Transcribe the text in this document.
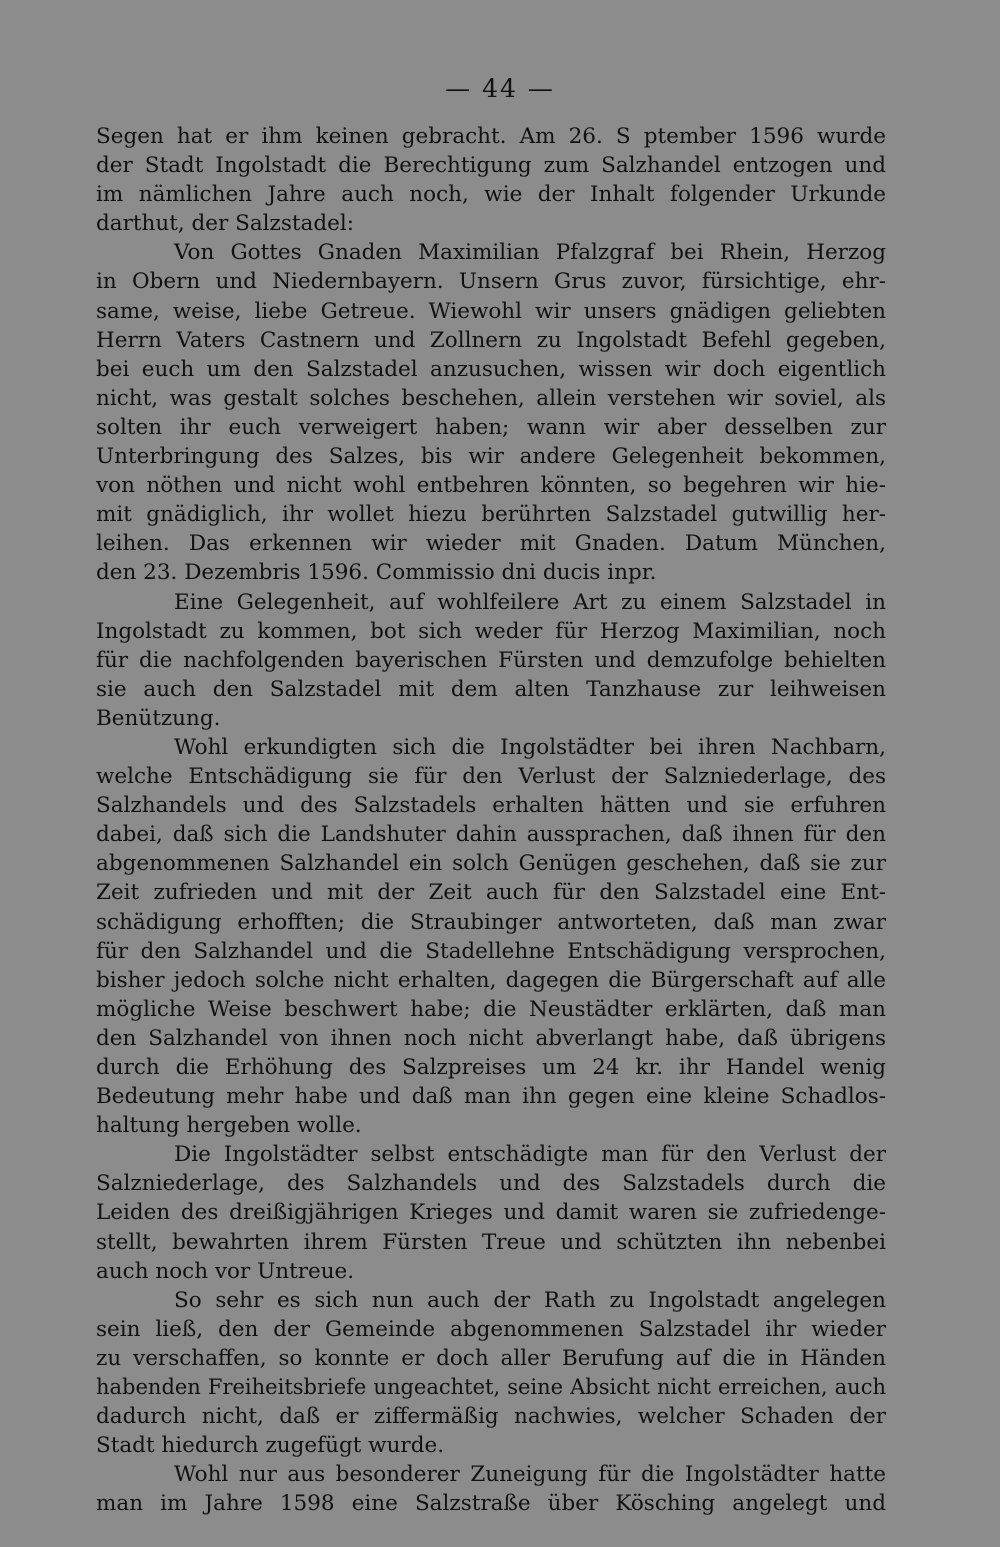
— 44 —
Segen hat er ihm keinen gebracht. Am 26. S ptember 1596 wurde
der Stadt Ingolstadt die Berechtigung zum Salzhandel entzogen und
im nämlichen Jahre auch noch, wie der Inhalt folgender Urkunde
darthut, der Salzstadel:
Von Gottes Gnaden Maximilian Pfalzgraf bei Rhein, Herzog
in Obern und Niedernbayern. Unsern Grus zuvor, fürsichtige, ehr-
same, weise, liebe Getreue. Wiewohl wir unsers gnädigen geliebten
Herrn Vaters Castnern und Zollnern zu Ingolstadt Befehl gegeben,
bei euch um den Salzstadel anzusuchen, wissen wir doch eigentlich
nicht, was gestalt solches beschehen, allein verstehen wir soviel, als
solten ihr euch verweigert haben; wann wir aber desselben zur
Unterbringung des Salzes, bis wir andere Gelegenheit bekommen,
von nöthen und nicht wohl entbehren könnten, so begehren wir hie-
mit gnädiglich, ihr wollet hiezu berührten Salzstadel gutwillig her-
leihen. Das erkennen wir wieder mit Gnaden. Datum München,
den 23. Dezembris 1596. Commissio dni ducis inpr.
Eine Gelegenheit, auf wohlfeilere Art zu einem Salzstadel in
Ingolstadt zu kommen, bot sich weder für Herzog Maximilian, noch
für die nachfolgenden bayerischen Fürsten und demzufolge behielten
sie auch den Salzstadel mit dem alten Tanzhause zur leihweisen
Benützung.
Wohl erkundigten sich die Ingolstädter bei ihren Nachbarn,
welche Entschädigung sie für den Verlust der Salzniederlage, des
Salzhandels und des Salzstadels erhalten hätten und sie erfuhren
dabei, daß sich die Landshuter dahin aussprachen, daß ihnen für den
abgenommenen Salzhandel ein solch Genügen geschehen, daß sie zur
Zeit zufrieden und mit der Zeit auch für den Salzstadel eine Ent-
schädigung erhofften; die Straubinger antworteten, daß man zwar
für den Salzhandel und die Stadellehne Entschädigung versprochen,
bisher jedoch solche nicht erhalten, dagegen die Bürgerschaft auf alle
mögliche Weise beschwert habe; die Neustädter erklärten, daß man
den Salzhandel von ihnen noch nicht abverlangt habe, daß übrigens
durch die Erhöhung des Salzpreises um 24 kr. ihr Handel wenig
Bedeutung mehr habe und daß man ihn gegen eine kleine Schadlos-
haltung hergeben wolle.
Die Ingolstädter selbst entschädigte man für den Verlust der
Salzniederlage, des Salzhandels und des Salzstadels durch die
Leiden des dreißigjährigen Krieges und damit waren sie zufriedenge-
stellt, bewahrten ihrem Fürsten Treue und schützten ihn nebenbei
auch noch vor Untreue.
So sehr es sich nun auch der Rath zu Ingolstadt angelegen
sein ließ, den der Gemeinde abgenommenen Salzstadel ihr wieder
zu verschaffen, so konnte er doch aller Berufung auf die in Händen
habenden Freiheitsbriefe ungeachtet, seine Absicht nicht erreichen, auch
dadurch nicht, daß er ziffermäßig nachwies, welcher Schaden der
Stadt hiedurch zugefügt wurde.
Wohl nur aus besonderer Zuneigung für die Ingolstädter hatte
man im Jahre 1598 eine Salzstraße über Kösching angelegt und
